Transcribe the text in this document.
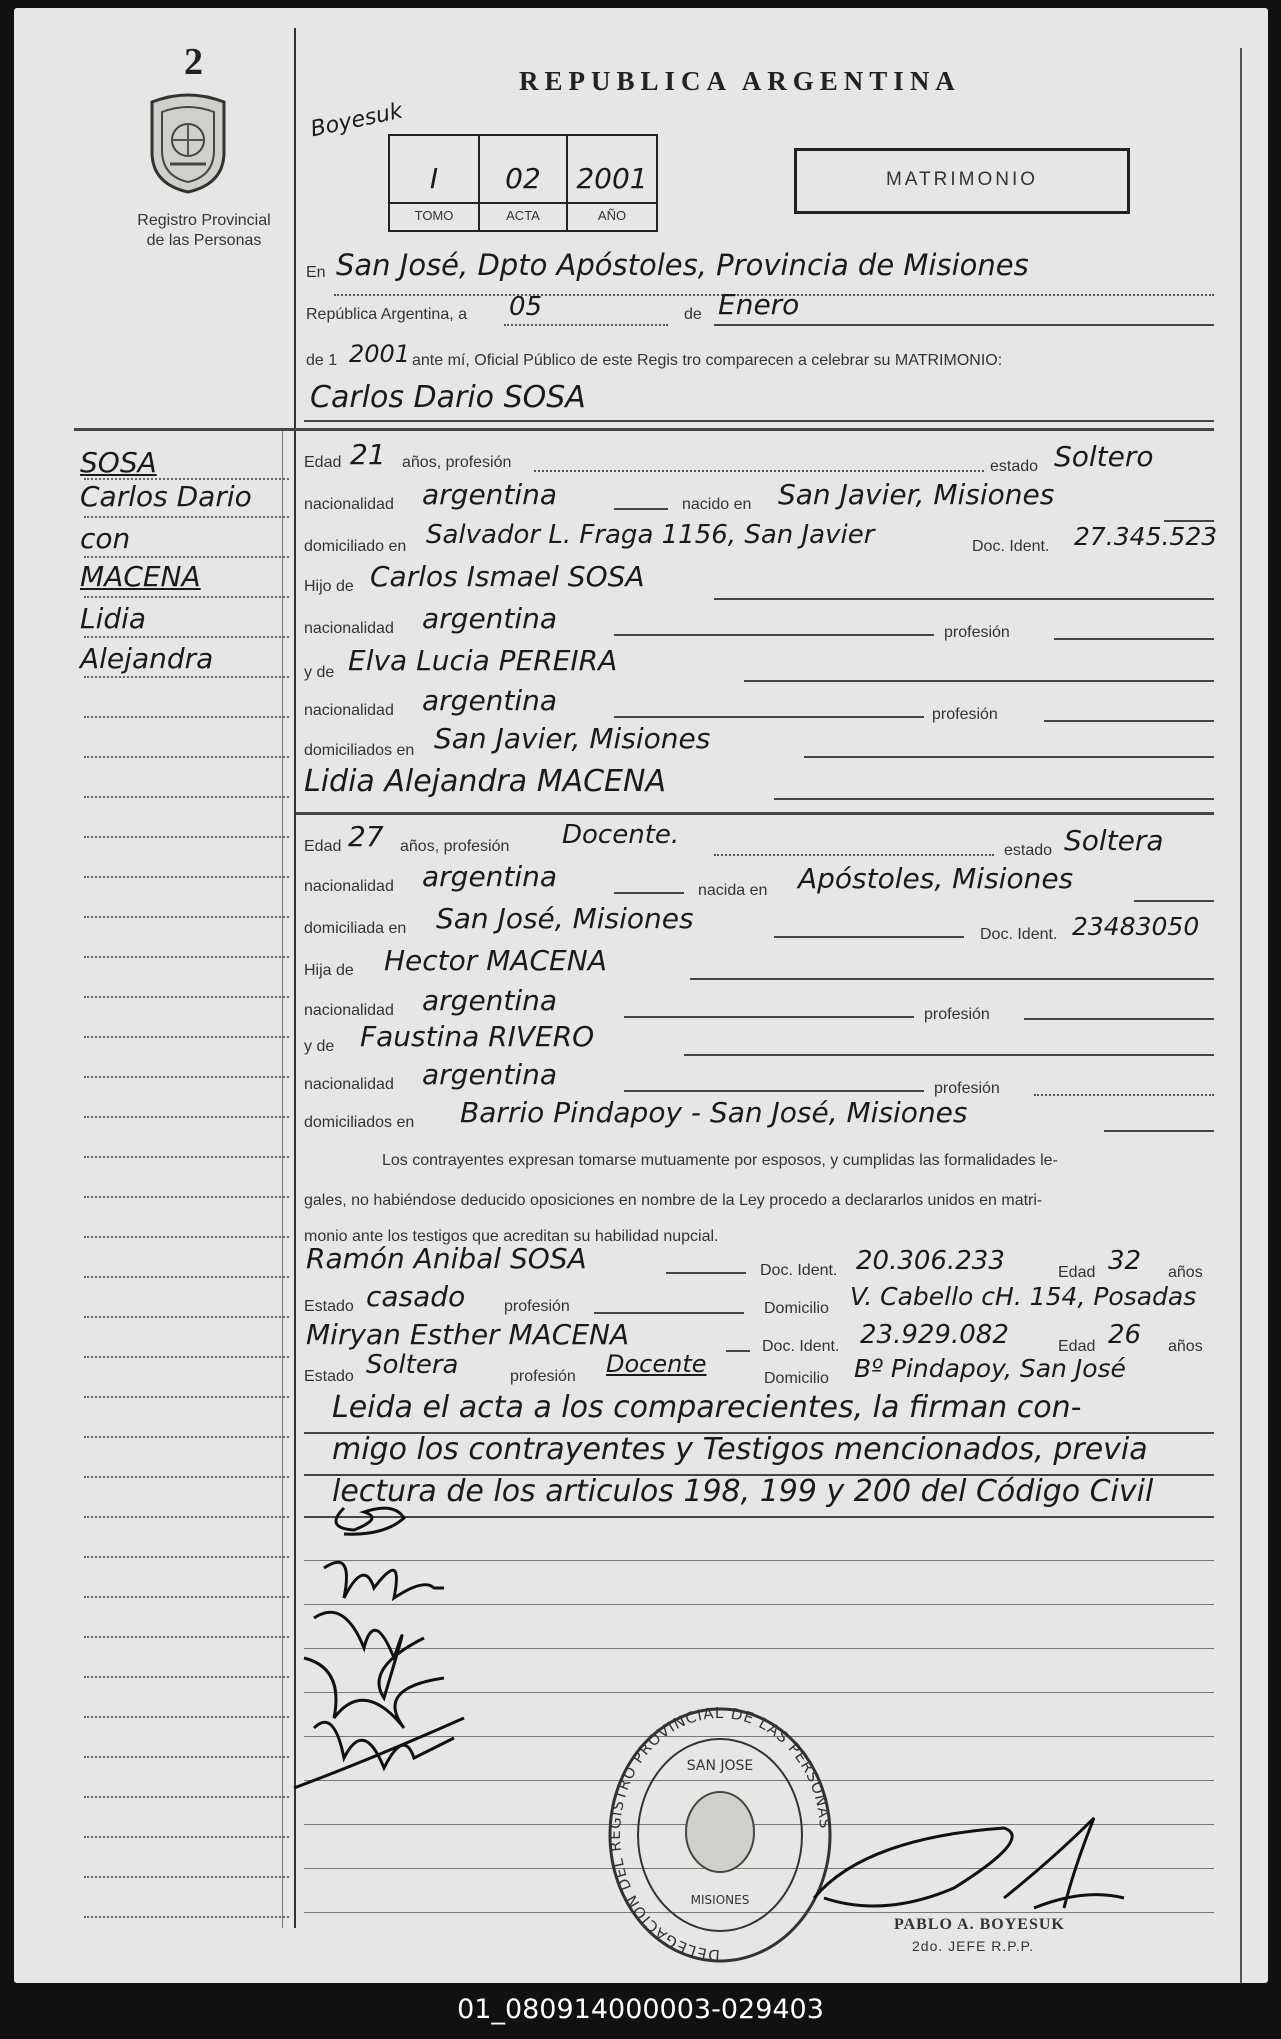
2
Registro Provincial
de las Personas
REPUBLICA ARGENTINA
Boyesuk
I	02	2001
TOMO	ACTA	AÑO
MATRIMONIO
En San José, Dpto Apóstoles, Provincia de Misiones
República Argentina, a 05	de Enero
de 1 2001 ante mí, Oficial Público de este Regis tro comparecen a celebrar su MATRIMONIO:
Carlos Dario SOSA
SOSA
Carlos Dario
con
MACENA
Lidia
Alejandra
Edad 21 años, profesión	estado Soltero
nacionalidad argentina	nacido en San Javier, Misiones
domiciliado en Salvador L. Fraga 1156, San Javier	Doc. Ident. 27.345.523
Hijo de Carlos Ismael SOSA
nacionalidad argentina	profesión
y de Elva Lucia PEREIRA
nacionalidad argentina	profesión
domiciliados en San Javier, Misiones
Lidia Alejandra MACENA
Edad 27 años, profesión Docente.
estado Soltera
nacionalidad argentina	nacida en Apóstoles, Misiones
domiciliada en San José, Misiones	Doc. Ident. 23483050
Hija de Hector MACENA
nacionalidad argentina	profesión
y de Faustina RIVERO
nacionalidad argentina	profesión
domiciliados en Barrio Pindapoy - San José, Misiones
Los contrayentes expresan tomarse mutuamente por esposos, y cumplidas las formalidades le-
gales, no habiéndose deducido oposiciones en nombre de la Ley procedo a declararlos unidos en matri-
monio ante los testigos que acreditan su habilidad nupcial.
Ramón Anibal SOSA	Doc. Ident. 20.306.233	Edad 32 años
Estado casado profesión	Domicilio V. Cabello cH. 154, Posadas
Miryan Esther MACENA	Doc. Ident. 23.929.082	Edad 26 años
Estado Soltera	profesión Docente
Domicilio Bº Pindapoy, San José
Leida el acta a los comparecientes, la firman con-
migo los contrayentes y Testigos mencionados, previa
lectura de los articulos 198, 199 y 200 del Código Civil
DELEGACION DEL REGISTRO PROVINCIAL DE LAS PERSONAS
SAN JOSE
MISIONES
PABLO A. BOYESUK
2do. JEFE R.P.P.
01_080914000003-029403
